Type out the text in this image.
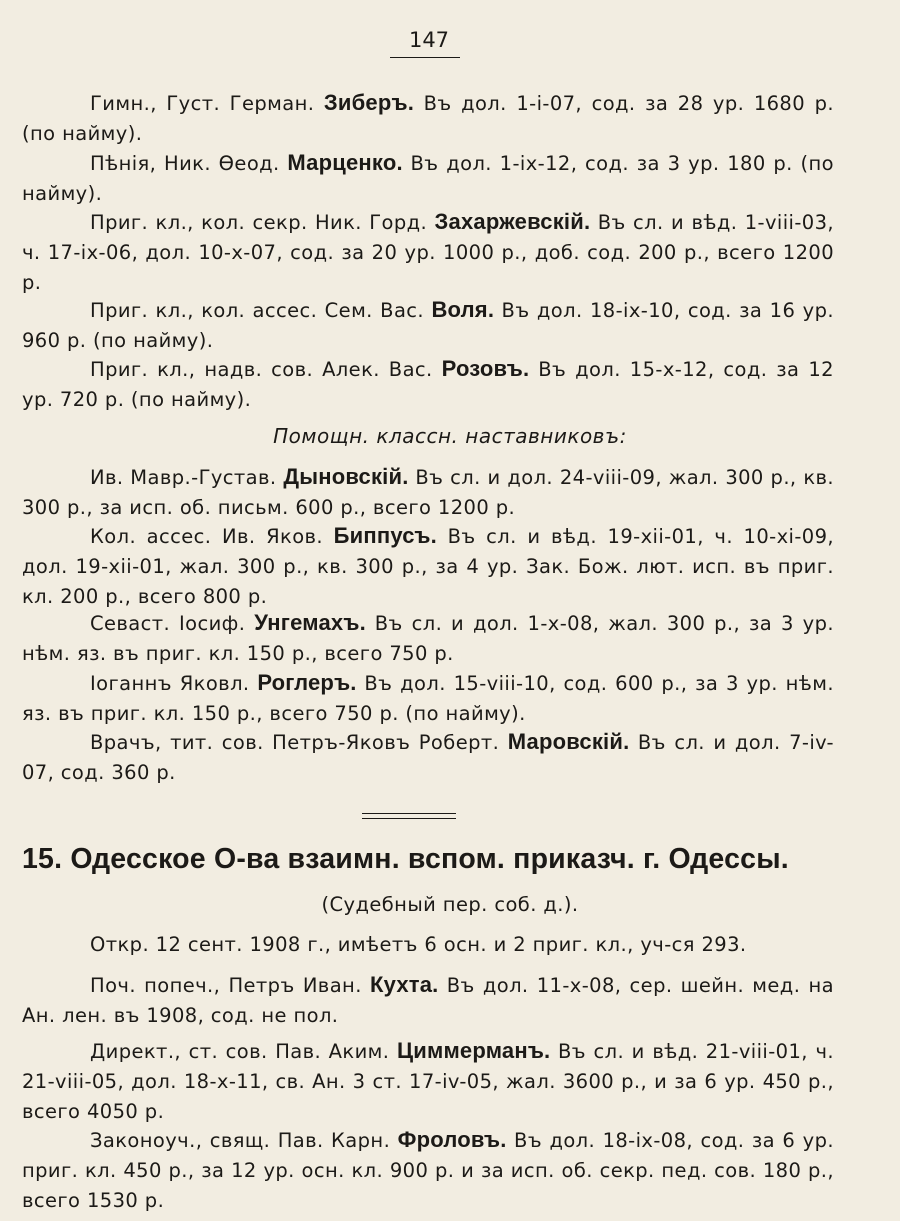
147
Гимн., Густ. Герман. Зиберъ. Въ дол. 1-і-07, сод. за 28 ур. 1680 р. (по найму).
Пѣнія, Ник. Ѳеод. Марценко. Въ дол. 1-іх-12, сод. за 3 ур. 180 р. (по найму).
Приг. кл., кол. секр. Ник. Горд. Захаржевскій. Въ сл. и вѣд. 1-viii-03, ч. 17-іх-06, дол. 10-х-07, сод. за 20 ур. 1000 р., доб. сод. 200 р., всего 1200 р.
Приг. кл., кол. ассес. Сем. Вас. Воля. Въ дол. 18-іх-10, сод. за 16 ур. 960 р. (по найму).
Приг. кл., надв. сов. Алек. Вас. Розовъ. Въ дол. 15-х-12, сод. за 12 ур. 720 р. (по найму).
Помощн. классн. наставниковъ:
Ив. Мавр.-Густав. Дыновскій. Въ сл. и дол. 24-viii-09, жал. 300 р., кв. 300 р., за исп. об. письм. 600 р., всего 1200 р.
Кол. ассес. Ив. Яков. Биппусъ. Въ сл. и вѣд. 19-хіі-01, ч. 10-хі-09, дол. 19-хіі-01, жал. 300 р., кв. 300 р., за 4 ур. Зак. Бож. лют. исп. въ приг. кл. 200 р., всего 800 р.
Севаст. Іосиф. Унгемахъ. Въ сл. и дол. 1-х-08, жал. 300 р., за 3 ур. нѣм. яз. въ приг. кл. 150 р., всего 750 р.
Іоганнъ Яковл. Роглеръ. Въ дол. 15-viii-10, сод. 600 р., за 3 ур. нѣм. яз. въ приг. кл. 150 р., всего 750 р. (по найму).
Врачъ, тит. сов. Петръ-Яковъ Роберт. Маровскій. Въ сл. и дол. 7-іv-07, сод. 360 р.
15. Одесское О-ва взаимн. вспом. приказч. г. Одессы.
(Судебный пер. соб. д.).
Откр. 12 сент. 1908 г., имѣетъ 6 осн. и 2 приг. кл., уч-ся 293.
Поч. попеч., Петръ Иван. Кухта. Въ дол. 11-х-08, сер. шейн. мед. на Ан. лен. въ 1908, сод. не пол.
Директ., ст. сов. Пав. Аким. Циммерманъ. Въ сл. и вѣд. 21-viii-01, ч. 21-viii-05, дол. 18-х-11, св. Ан. 3 ст. 17-іv-05, жал. 3600 р., и за 6 ур. 450 р., всего 4050 р.
Законоуч., свящ. Пав. Карн. Фроловъ. Въ дол. 18-іх-08, сод. за 6 ур. приг. кл. 450 р., за 12 ур. осн. кл. 900 р. и за исп. об. секр. пед. сов. 180 р., всего 1530 р.
